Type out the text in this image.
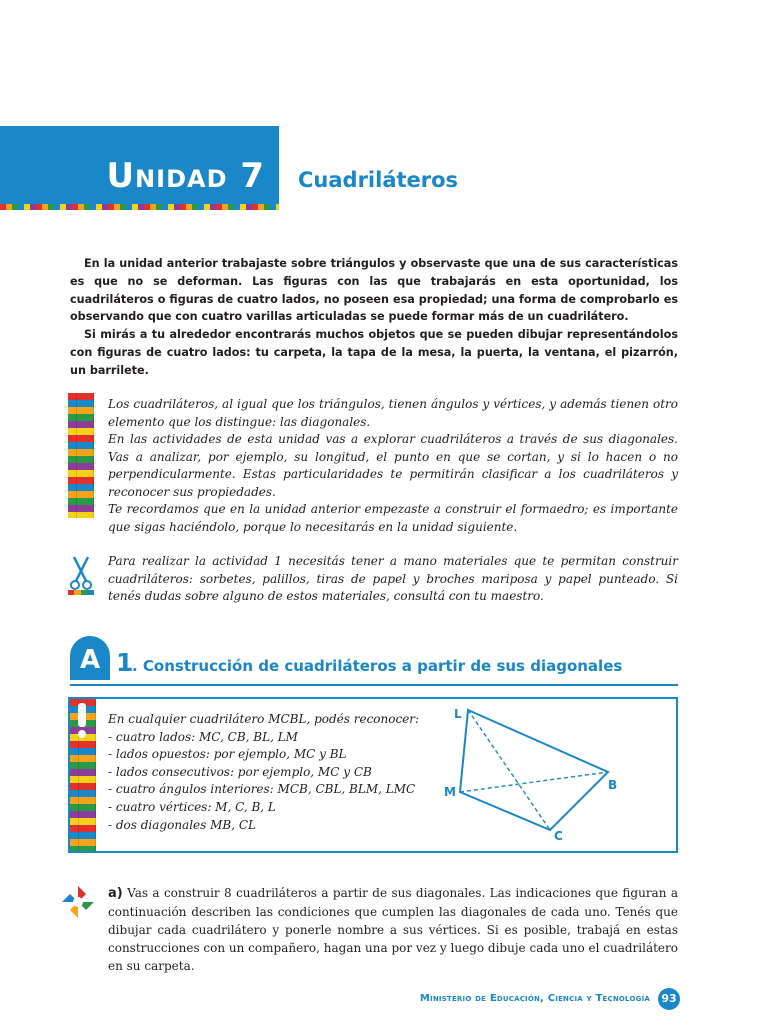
Unidad 7 Cuadriláteros

En la unidad anterior trabajaste sobre triángulos y observaste que una de sus características es que no se deforman. Las figuras con las que trabajarás en esta oportunidad, los cuadriláteros o figuras de cuatro lados, no poseen esa propiedad; una forma de comprobarlo es observando que con cuatro varillas articuladas se puede formar más de un cuadrilátero.

Si mirás a tu alrededor encontrarás muchos objetos que se pueden dibujar representándolos con figuras de cuatro lados: tu carpeta, la tapa de la mesa, la puerta, la ventana, el pizarrón, un barrilete.

Los cuadriláteros, al igual que los triángulos, tienen ángulos y vértices, y además tienen otro elemento que los distingue: las diagonales.

En las actividades de esta unidad vas a explorar cuadriláteros a través de sus diagonales. Vas a analizar, por ejemplo, su longitud, el punto en que se cortan, y si lo hacen o no perpendicularmente. Estas particularidades te permitirán clasificar a los cuadriláteros y reconocer sus propiedades.

Te recordamos que en la unidad anterior empezaste a construir el formaedro; es importante que sigas haciéndolo, porque lo necesitarás en la unidad siguiente.

Para realizar la actividad 1 necesitás tener a mano materiales que te permitan construir cuadriláteros: sorbetes, palillos, tiras de papel y broches mariposa y papel punteado. Si tenés dudas sobre alguno de estos materiales, consultá con tu maestro.

A 1
. Construcción de cuadriláteros a partir de sus diagonales
En cualquier cuadrilátero MCBL, podés reconocer:
- cuatro lados: MC, CB, BL, LM
- lados opuestos: por ejemplo, MC y BL
- lados consecutivos: por ejemplo, MC y CB
- cuatro ángulos interiores: MCB, CBL, BLM, LMC
- cuatro vértices: M, C, B, L
- dos diagonales MB, CL
L
B
M
C
a) Vas a construir 8 cuadriláteros a partir de sus diagonales. Las indicaciones que figuran a continuación describen las condiciones que cumplen las diagonales de cada uno. Tenés que dibujar cada cuadrilátero y ponerle nombre a sus vértices. Si es posible, trabajá en estas construcciones con un compañero, hagan una por vez y luego dibuje cada uno el cuadrilátero en su carpeta.
Ministerio de Educación, Ciencia y Tecnología	93
